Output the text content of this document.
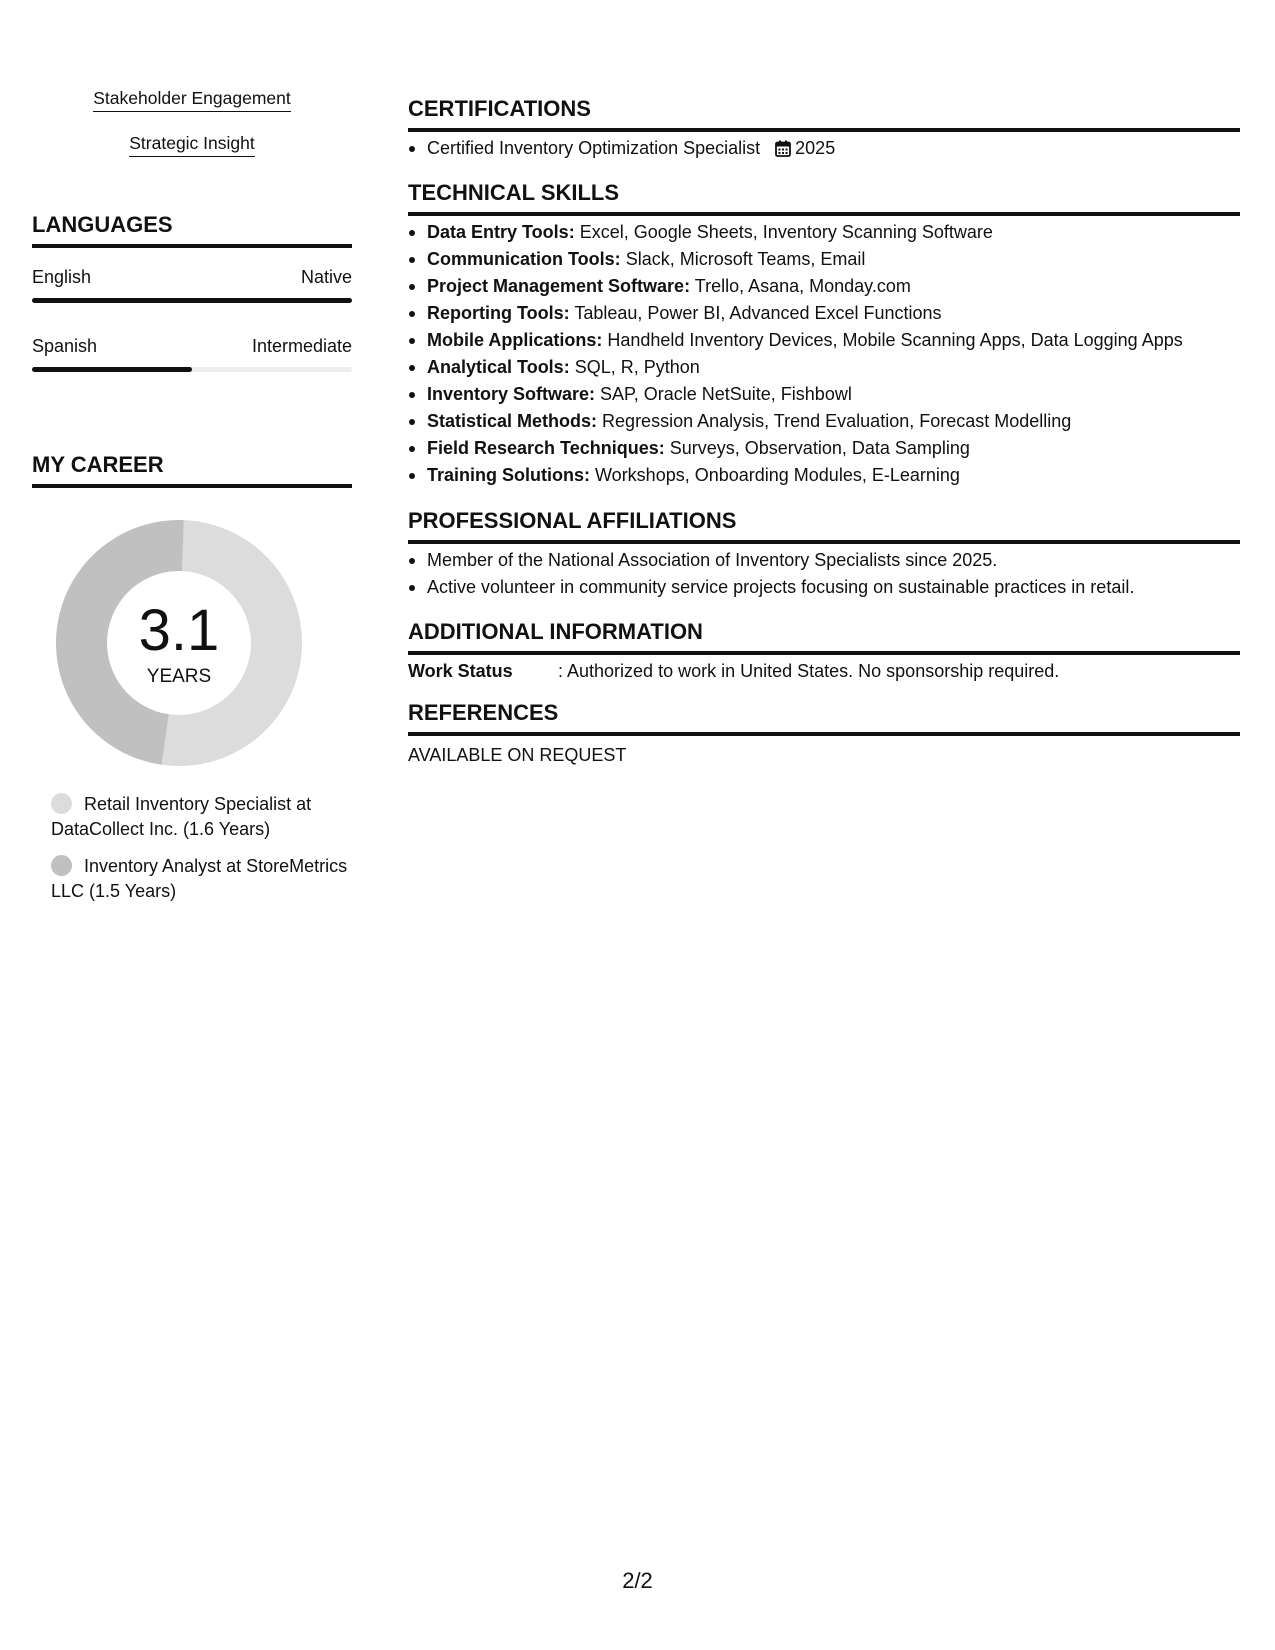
Stakeholder Engagement
Strategic Insight
LANGUAGES
English	Native
Spanish	Intermediate
MY CAREER
3.1
YEARS
Retail Inventory Specialist at DataCollect Inc. (1.6 Years)
Inventory Analyst at StoreMetrics LLC (1.5 Years)
CERTIFICATIONS
Certified Inventory Optimization Specialist 2025
TECHNICAL SKILLS
Data Entry Tools: Excel, Google Sheets, Inventory Scanning Software
Communication Tools: Slack, Microsoft Teams, Email
Project Management Software: Trello, Asana, Monday.com
Reporting Tools: Tableau, Power BI, Advanced Excel Functions
Mobile Applications: Handheld Inventory Devices, Mobile Scanning Apps, Data Logging Apps
Analytical Tools: SQL, R, Python
Inventory Software: SAP, Oracle NetSuite, Fishbowl
Statistical Methods: Regression Analysis, Trend Evaluation, Forecast Modelling
Field Research Techniques: Surveys, Observation, Data Sampling
Training Solutions: Workshops, Onboarding Modules, E-Learning
PROFESSIONAL AFFILIATIONS
Member of the National Association of Inventory Specialists since 2025.
Active volunteer in community service projects focusing on sustainable practices in retail.
ADDITIONAL INFORMATION
Work Status	: Authorized to work in United States. No sponsorship required.
REFERENCES
AVAILABLE ON REQUEST
2/2
